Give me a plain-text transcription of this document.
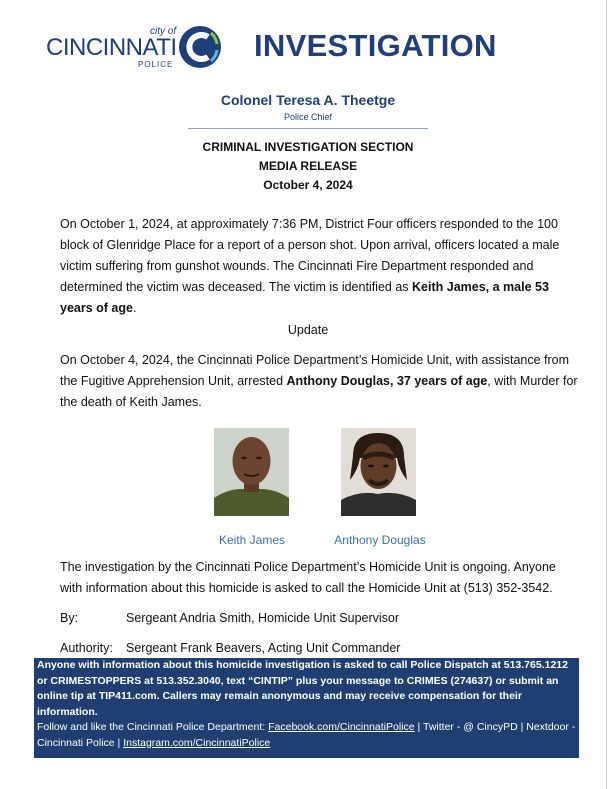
city of
CINCINNATI
POLICE
INVESTIGATION
Colonel Teresa A. Theetge
Police Chief
CRIMINAL INVESTIGATION SECTION
MEDIA RELEASE
October 4, 2024
On October 1, 2024, at approximately 7:36 PM, District Four officers responded to the 100 block of Glenridge Place for a report of a person shot. Upon arrival, officers located a male victim suffering from gunshot wounds. The Cincinnati Fire Department responded and determined the victim was deceased. The victim is identified as Keith James, a male 53 years of age.
Update
On October 4, 2024, the Cincinnati Police Department’s Homicide Unit, with assistance from the Fugitive Apprehension Unit, arrested Anthony Douglas, 37 years of age, with Murder for the death of Keith James.
Keith James	Anthony Douglas
The investigation by the Cincinnati Police Department’s Homicide Unit is ongoing. Anyone with information about this homicide is asked to call the Homicide Unit at (513) 352-3542.
By:	Sergeant Andria Smith, Homicide Unit Supervisor
Authority: Sergeant Frank Beavers, Acting Unit Commander
Anyone with information about this homicide investigation is asked to call Police Dispatch at 513.765.1212 or CRIMESTOPPERS at 513.352.3040, text “CINTIP” plus your message to CRIMES (274637) or submit an online tip at TIP411.com. Callers may remain anonymous and may receive compensation for their information.
Follow and like the Cincinnati Police Department: Facebook.com/CincinnatiPolice | Twitter - @ CincyPD | Nextdoor - Cincinnati Police | Instagram.com/CincinnatiPolice
